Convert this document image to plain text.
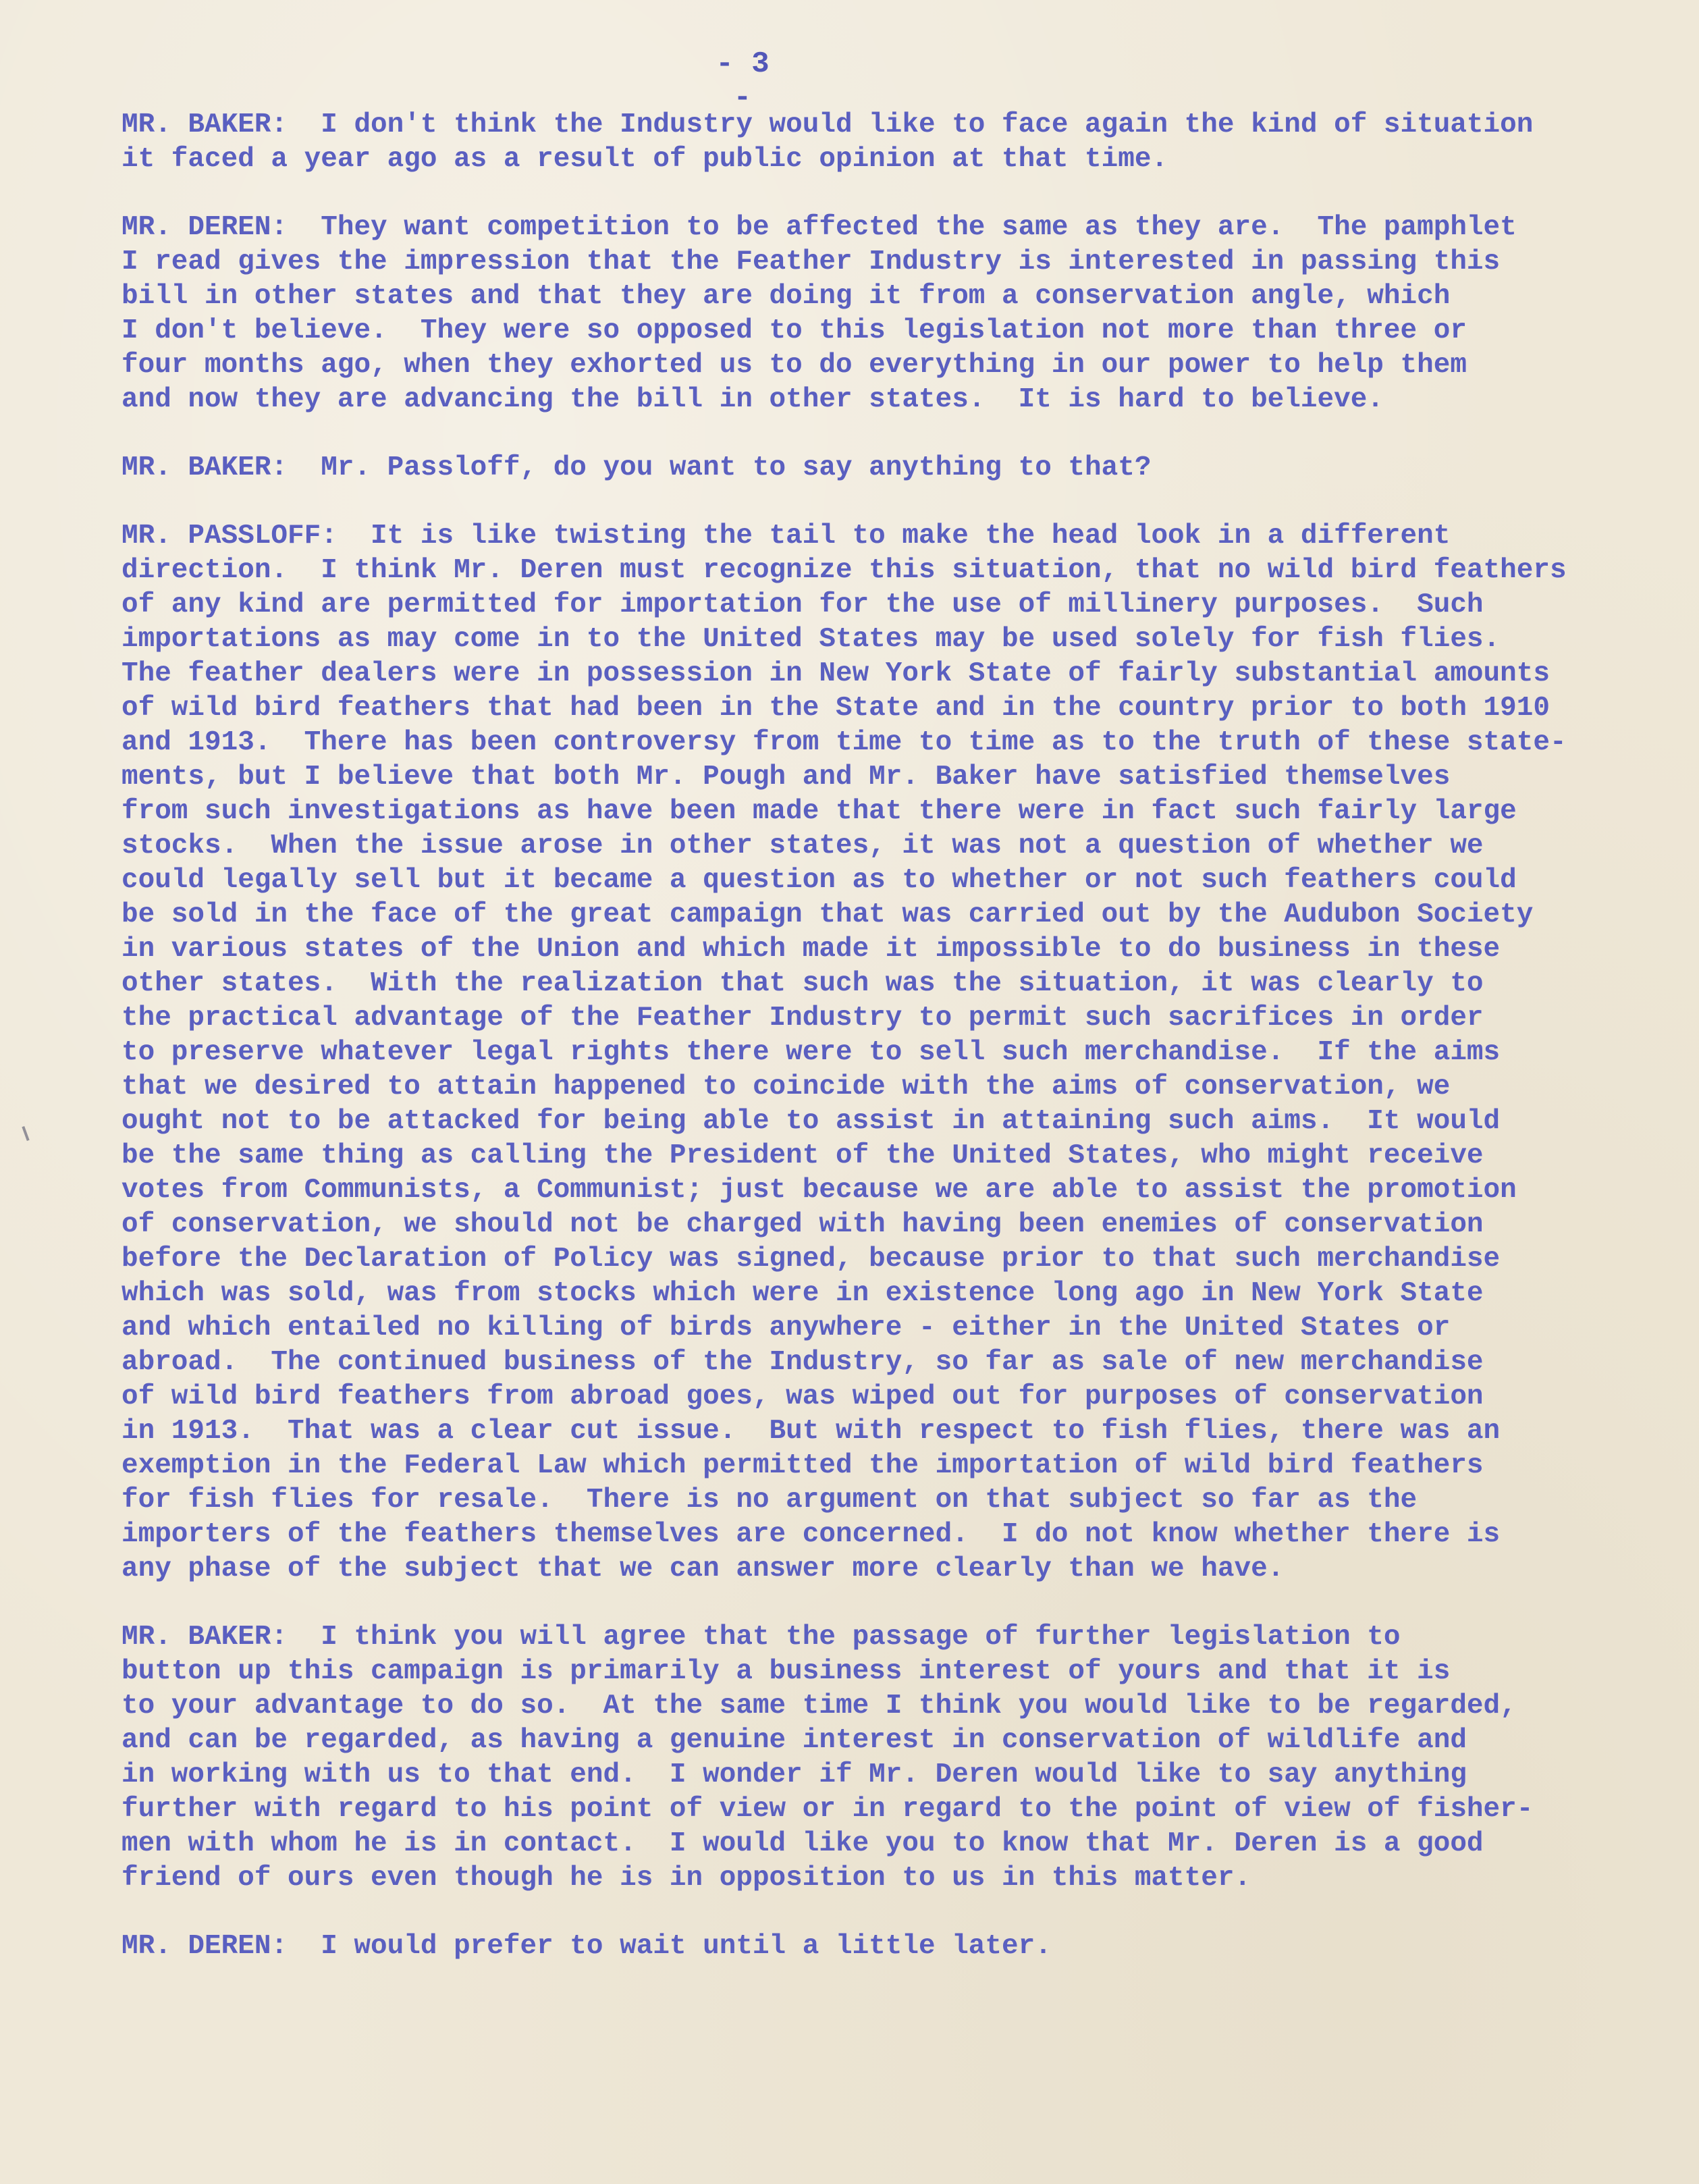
- 3 -
MR. BAKER:  I don't think the Industry would like to face again the kind of situation
it faced a year ago as a result of public opinion at that time.
MR. DEREN:  They want competition to be affected the same as they are.  The pamphlet
I read gives the impression that the Feather Industry is interested in passing this
bill in other states and that they are doing it from a conservation angle, which
I don't believe.  They were so opposed to this legislation not more than three or
four months ago, when they exhorted us to do everything in our power to help them
and now they are advancing the bill in other states.  It is hard to believe.
MR. BAKER:  Mr. Passloff, do you want to say anything to that?
MR. PASSLOFF:  It is like twisting the tail to make the head look in a different
direction.  I think Mr. Deren must recognize this situation, that no wild bird feathers
of any kind are permitted for importation for the use of millinery purposes.  Such
importations as may come in to the United States may be used solely for fish flies.
The feather dealers were in possession in New York State of fairly substantial amounts
of wild bird feathers that had been in the State and in the country prior to both 1910
and 1913.  There has been controversy from time to time as to the truth of these state-
ments, but I believe that both Mr. Pough and Mr. Baker have satisfied themselves
from such investigations as have been made that there were in fact such fairly large
stocks.  When the issue arose in other states, it was not a question of whether we
could legally sell but it became a question as to whether or not such feathers could
be sold in the face of the great campaign that was carried out by the Audubon Society
in various states of the Union and which made it impossible to do business in these
other states.  With the realization that such was the situation, it was clearly to
the practical advantage of the Feather Industry to permit such sacrifices in order
to preserve whatever legal rights there were to sell such merchandise.  If the aims
that we desired to attain happened to coincide with the aims of conservation, we
ought not to be attacked for being able to assist in attaining such aims.  It would
be the same thing as calling the President of the United States, who might receive
votes from Communists, a Communist; just because we are able to assist the promotion
of conservation, we should not be charged with having been enemies of conservation
before the Declaration of Policy was signed, because prior to that such merchandise
which was sold, was from stocks which were in existence long ago in New York State
and which entailed no killing of birds anywhere - either in the United States or
abroad.  The continued business of the Industry, so far as sale of new merchandise
of wild bird feathers from abroad goes, was wiped out for purposes of conservation
in 1913.  That was a clear cut issue.  But with respect to fish flies, there was an
exemption in the Federal Law which permitted the importation of wild bird feathers
for fish flies for resale.  There is no argument on that subject so far as the
importers of the feathers themselves are concerned.  I do not know whether there is
any phase of the subject that we can answer more clearly than we have.
MR. BAKER:  I think you will agree that the passage of further legislation to
button up this campaign is primarily a business interest of yours and that it is
to your advantage to do so.  At the same time I think you would like to be regarded,
and can be regarded, as having a genuine interest in conservation of wildlife and
in working with us to that end.  I wonder if Mr. Deren would like to say anything
further with regard to his point of view or in regard to the point of view of fisher-
men with whom he is in contact.  I would like you to know that Mr. Deren is a good
friend of ours even though he is in opposition to us in this matter.
MR. DEREN:  I would prefer to wait until a little later.
